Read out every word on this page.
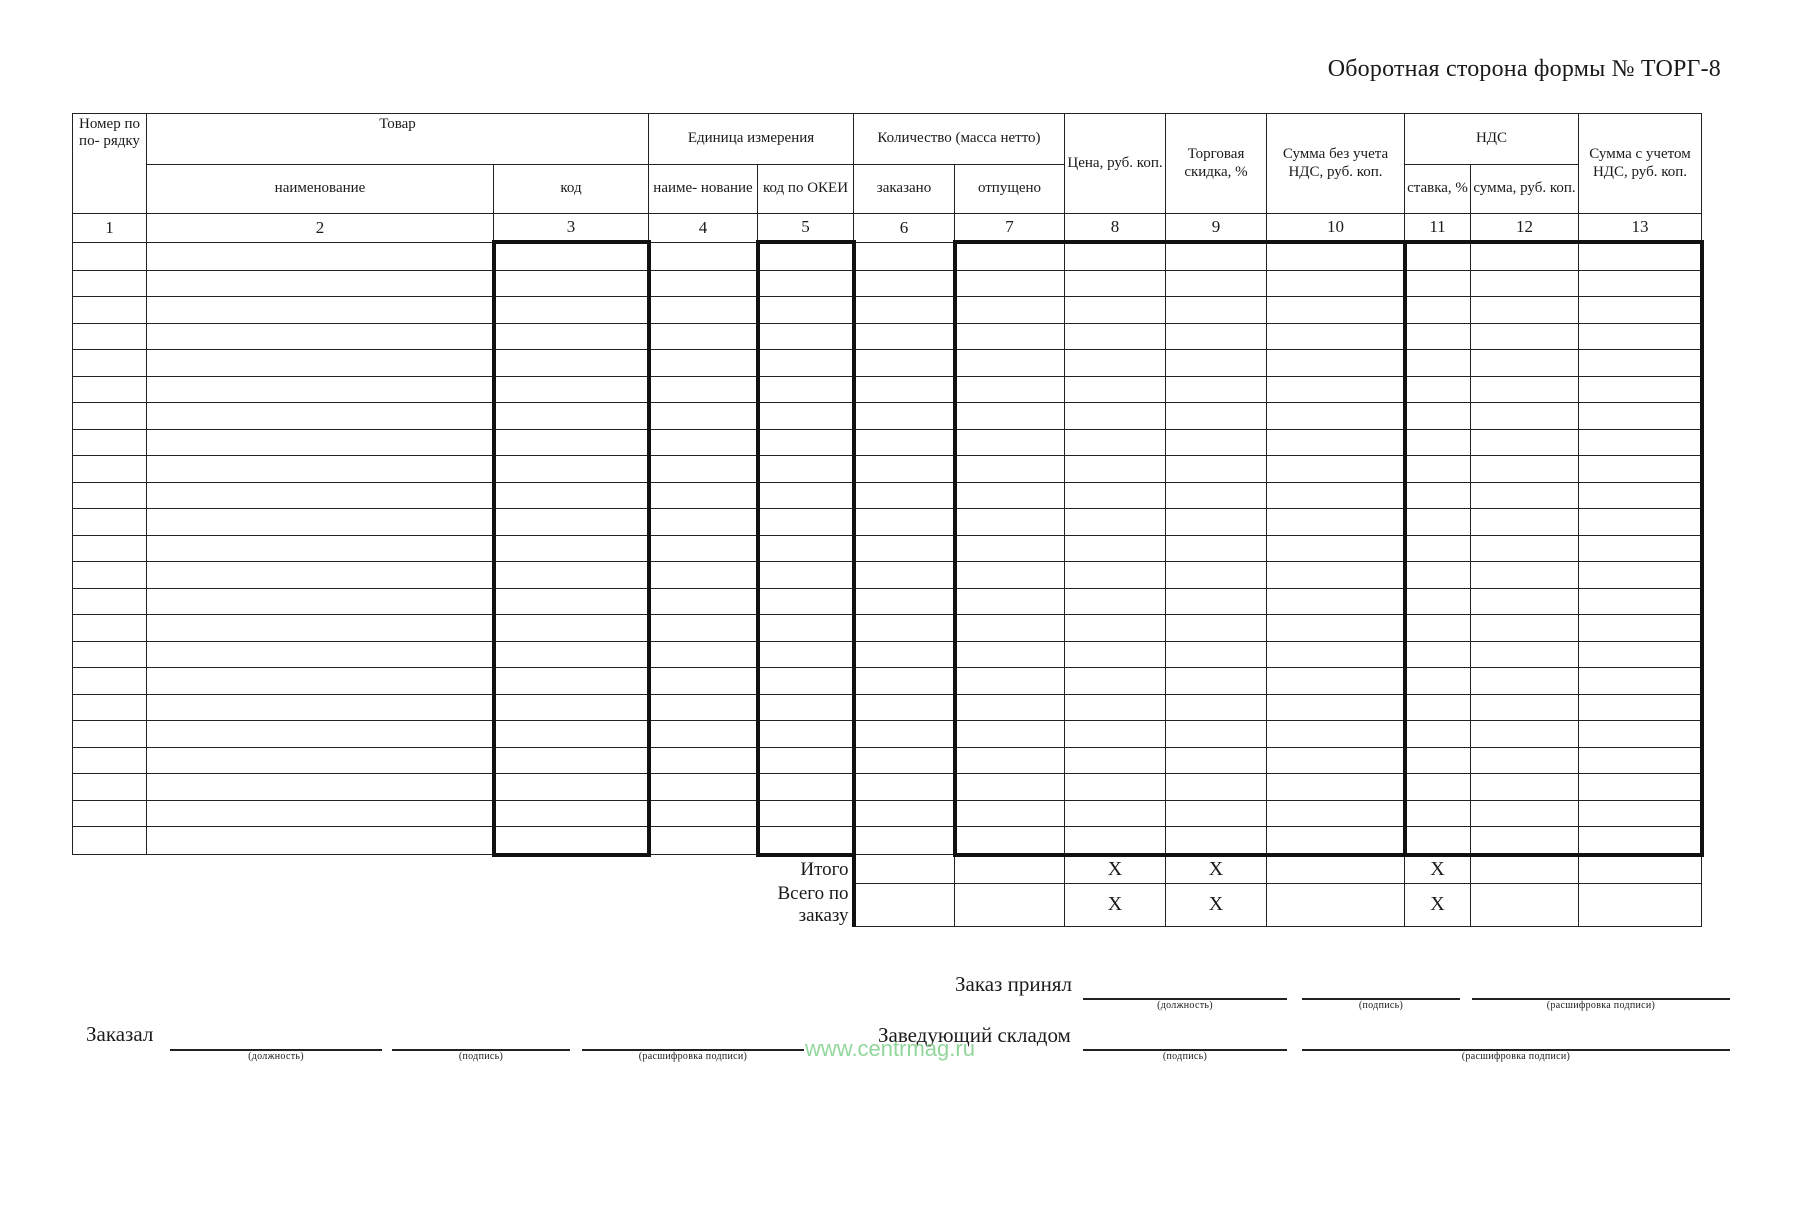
Оборотная сторона формы № ТОРГ-8
Номер по по- рядку	Товар		Единица измерения		Количество (масса нетто)		Цена, руб. коп.	Торговая скидка, %	Сумма без учета НДС, руб. коп.	НДС		Сумма с учетом НДС, руб. коп.
	наименование	код	наиме- нование	код по ОКЕИ	заказано	отпущено				ставка, %	сумма, руб. коп.	
1	2	3	4	5	6	7	8	9	10	11	12	13

				Итого			X	X		X		
				Всего по заказу			X	X		X		
Заказ принял
(должность)	(подпись)	(расшифровка подписи)
Заведующий складом
(подпись)	(расшифровка подписи)
Заказал
(должность)	(подпись)	(расшифровка подписи)	www.centrmag.ru
